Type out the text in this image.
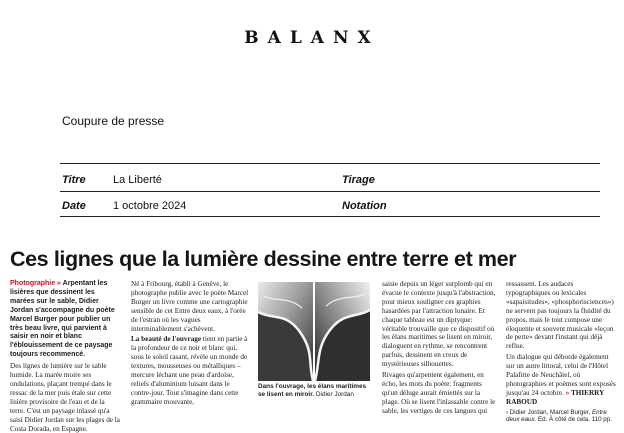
BALANX
Coupure de presse
Titre La Liberté	Tirage
Date 1 octobre 2024	Notation
Ces lignes que la lumière dessine entre terre et mer

Photographie » Arpentant les lisières que dessinent les marées sur le sable, Didier Jordan s'accompagne du poète Marcel Burger pour publier un très beau livre, qui parvient à saisir en noir et blanc l'éblouissement de ce paysage toujours recommencé.

Des lignes de lumière sur le sable humide. La marée moire ses ondulations, plaçant trempé dans le ressac de la mer puis étale sur cette lisière provisoire de l'eau et de la terre. C'est un paysage inlassé qu'a saisi Didier Jordan sur les plages de la Costa Dorada, en Espagne.

Né à Fribourg, établi à Genève, le photographe publie avec le poète Marcel Burger un livre comme une cartographie sensible de cet Entre deux eaux, à l'orée de l'estran où les vagues interminablement s'achèvent.

La beauté de l'ouvrage tient en partie à la profondeur de ce noir et blanc qui, sous le soleil rasant, révèle un monde de textures, mousseuses ou métalliques – mercure léchant une peau d'ardoise, reliefs d'aluminium luisant dans le contre-jour. Tout s'imagine dans cette grammaire mouvante,

Dans l'ouvrage, les élans maritimes se lisent en miroir. Didier Jordan

saisie depuis un léger surplomb qui en évacue le contexte jusqu'à l'abstraction, pour mieux souligner ces graphies hasardées par l'attraction lunaire. Et chaque tableau est un diptyque: véritable trouvaille que ce dispositif où les élans maritimes se lisent en miroir, dialoguent en rythme, se rencontrent parfois, dessinent en creux de mystérieuses silhouettes.

Rivages qu'arpentent également, en écho, les mots du poète: fragments qu'un déluge aurait émiettés sur la plage. Où se lisent l'inlassable contre le sable, les vertiges de ces langues qui

ressassent. Les audaces typographiques ou lexicales «sapaisitudes», «phosphorisciences») ne servent pas toujours la fluidité du propos, mais le tout compose une éloquente et souvent musicale «leçon de perte» devant l'instant qui déjà reflue.

Un dialogue qui déborde également sur un autre littoral, celui de l'Hôtel Palafitte de Neuchâtel, où photographies et poèmes sont exposés jusqu'au 24 octobre. » THIERRY RABOUD

› Didier Jordan, Marcel Burger, Entre deux eaux. Ed. À côté de cela. 110 pp.
